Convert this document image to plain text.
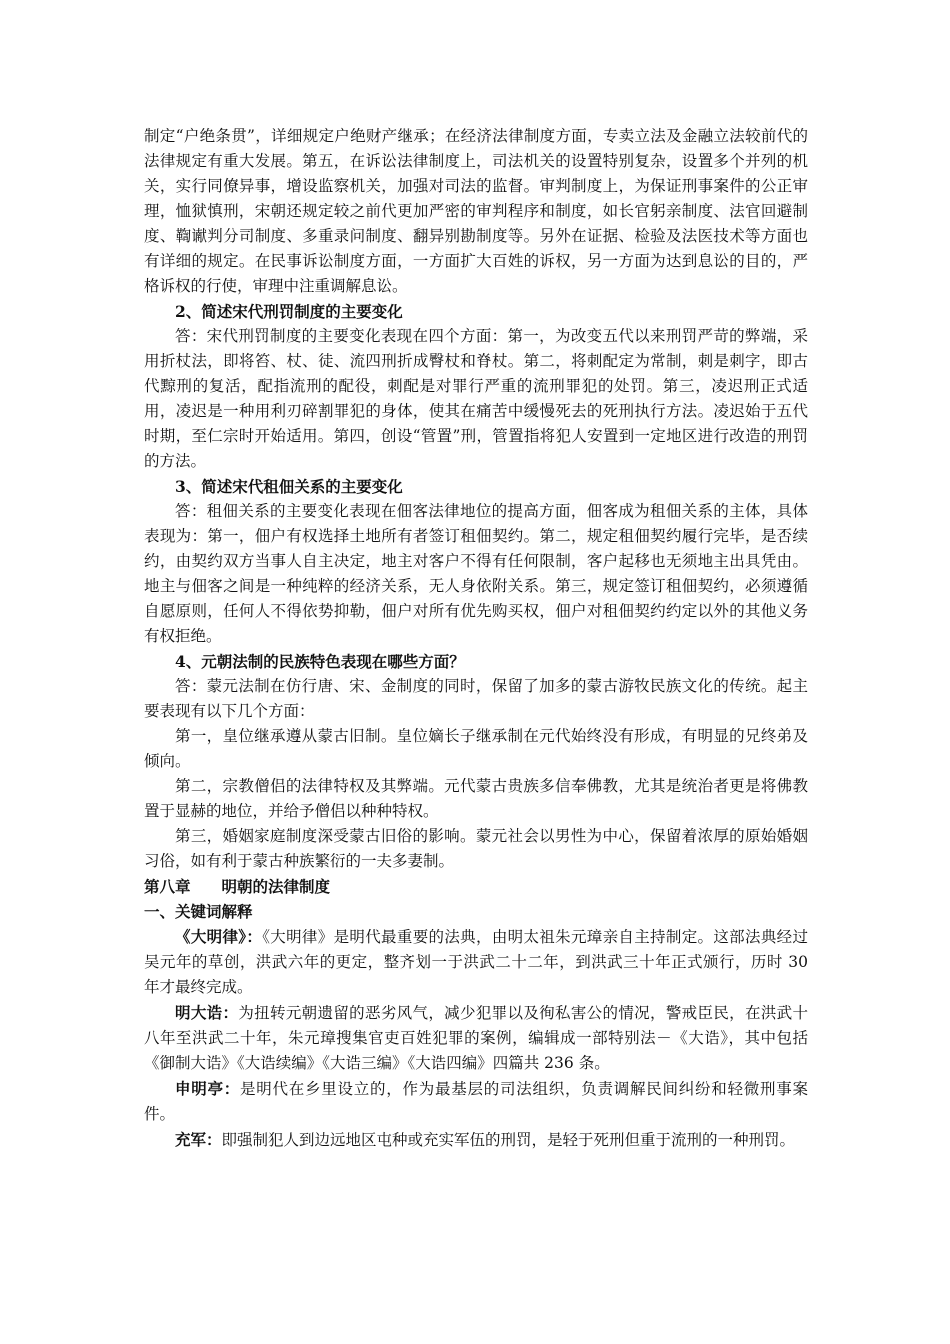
制定“户绝条贯”，详细规定户绝财产继承；在经济法律制度方面，专卖立法及金融立法较前代的法律规定有重大发展。第五，在诉讼法律制度上，司法机关的设置特别复杂，设置多个并列的机关，实行同僚异事，增设监察机关，加强对司法的监督。审判制度上，为保证刑事案件的公正审理，恤狱慎刑，宋朝还规定较之前代更加严密的审判程序和制度，如长官躬亲制度、法官回避制度、鞫谳判分司制度、多重录问制度、翻异别勘制度等。另外在证据、检验及法医技术等方面也有详细的规定。在民事诉讼制度方面，一方面扩大百姓的诉权，另一方面为达到息讼的目的，严格诉权的行使，审理中注重调解息讼。

2、简述宋代刑罚制度的主要变化

答：宋代刑罚制度的主要变化表现在四个方面：第一，为改变五代以来刑罚严苛的弊端，采用折杖法，即将笞、杖、徒、流四刑折成臀杖和脊杖。第二，将刺配定为常制，刺是刺字，即古代黥刑的复活，配指流刑的配役，刺配是对罪行严重的流刑罪犯的处罚。第三，凌迟刑正式适用，凌迟是一种用利刃碎割罪犯的身体，使其在痛苦中缓慢死去的死刑执行方法。凌迟始于五代时期，至仁宗时开始适用。第四，创设“管置”刑，管置指将犯人安置到一定地区进行改造的刑罚的方法。

3、简述宋代租佃关系的主要变化

答：租佃关系的主要变化表现在佃客法律地位的提高方面，佃客成为租佃关系的主体，具体表现为：第一，佃户有权选择土地所有者签订租佃契约。第二，规定租佃契约履行完毕，是否续约，由契约双方当事人自主决定，地主对客户不得有任何限制，客户起移也无须地主出具凭由。地主与佃客之间是一种纯粹的经济关系，无人身依附关系。第三，规定签订租佃契约，必须遵循自愿原则，任何人不得依势抑勒，佃户对所有优先购买权，佃户对租佃契约约定以外的其他义务有权拒绝。

4、元朝法制的民族特色表现在哪些方面？

答：蒙元法制在仿行唐、宋、金制度的同时，保留了加多的蒙古游牧民族文化的传统。起主要表现有以下几个方面：

第一，皇位继承遵从蒙古旧制。皇位嫡长子继承制在元代始终没有形成，有明显的兄终弟及倾向。

第二，宗教僧侣的法律特权及其弊端。元代蒙古贵族多信奉佛教，尤其是统治者更是将佛教置于显赫的地位，并给予僧侣以种种特权。

第三，婚姻家庭制度深受蒙古旧俗的影响。蒙元社会以男性为中心，保留着浓厚的原始婚姻习俗，如有利于蒙古种族繁衍的一夫多妻制。

第八章　　明朝的法律制度

一、关键词解释

《大明律》：《大明律》是明代最重要的法典，由明太祖朱元璋亲自主持制定。这部法典经过吴元年的草创，洪武六年的更定，整齐划一于洪武二十二年，到洪武三十年正式颁行，历时 30 年才最终完成。

明大诰：为扭转元朝遗留的恶劣风气，减少犯罪以及徇私害公的情况，警戒臣民，在洪武十八年至洪武二十年，朱元璋搜集官吏百姓犯罪的案例，编辑成一部特别法－《大诰》，其中包括《御制大诰》《大诰续编》《大诰三编》《大诰四编》四篇共 236 条。

申明亭：是明代在乡里设立的，作为最基层的司法组织，负责调解民间纠纷和轻微刑事案件。

充军：即强制犯人到边远地区屯种或充实军伍的刑罚，是轻于死刑但重于流刑的一种刑罚。
